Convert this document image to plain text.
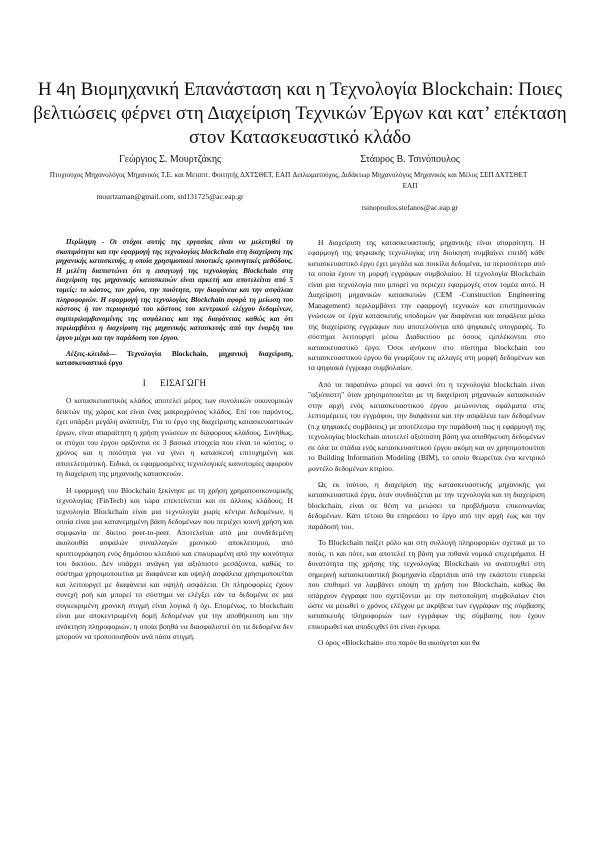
Η 4η Βιομηχανική Επανάσταση και η Τεχνολογία Blockchain: Ποιες βελτιώσεις φέρνει στη Διαχείριση Τεχνικών Έργων και κατ’ επέκταση στον Κατασκευαστικό κλάδο
Γεώργιος Σ. Μουρτζάκης
Πτυχιούχος Μηχανολόγος Μηχανικός Τ.Ε. και Μεταπτ. Φοιτητής ΔΧΤΣΘΕΤ, ΕΑΠ
mourtzaman@gmail.com, std131725@ac.eap.gr
Στάυρος Β. Τσινόπουλος
Διπλωματούχος, Διδάκτωρ Μηχανολόγος Μηχανικός και Μέλος ΣΕΠ ΔΧΤΣΘΕΤ ΕΑΠ
tsinopoulos.stefanos@ac.eap.gr

Περίληψη - Οι στόχοι αυτής της εργασίας είναι να μελετηθεί τη σκοπιμότητα και την εφαρμογή της τεχνολογίας blockchain στη διαχείριση της μηχανικής κατασκευής, η οποία χρησιμοποιεί ποιοτικές ερευνητικές μεθόδους. Η μελέτη διαπιστώνει ότι η εισαγωγή της τεχνολογίας Blockchain στη διαχείριση της μηχανικής κατασκευών είναι αρκετή και αποτελείται από 5 τομείς: το κόστος, τον χρόνο, την ποιότητα, την διαφάνεια και την ασφάλεια πληροφοριών. Η εφαρμογή της τεχνολογίας Blockchain αφορά τη μείωση του κόστους ή τον περιορισμό του κόστους του κεντρικού ελέγχου δεδομένων, συμπεριλαμβανομένης της ασφάλειας και της διαφάνειας καθώς και ότι περιλαμβάνει η διαχείριση της μηχανικής κατασκευής από την έναρξη του έργου μέχρι και την παράδοση του έργου.

Λέξεις-κλειδιά— Τεχνολογία Blockchain, μηχανική διαχείριση, κατασκευαστικό έργο

I ΕΙΣΑΓΩΓΗ

Ο κατασκευαστικός κλάδος αποτελεί μέρος των συνολικών οικονομικών δεικτών της χώρας και είναι ένας μακροχρόνιος κλάδος. Επί του παρόντος, έχει υπάρξει μεγάλη ανάπτυξη. Για το έργο της διαχείρισης κατασκευαστικών έργων, είναι απαραίτητη η χρήση γνώσεων σε διάφορους κλάδους. Συνήθως, οι στόχοι του έργου ορίζονται σε 3 βασικά στοιχεία που είναι το κόστος, ο χρόνος και η ποιότητα για να γίνει η κατασκευή επιτυχημένη και αποτελεσματική. Ειδικά, οι εφαρμοσμένες τεχνολογικές καινοτομίες αφορούν τη διαχείριση της μηχανικής κατασκευών.

Η εφαρμογή του Blockchain ξεκίνησε με τη χρήση χρηματοοικονομικής τεχνολογίας (FinTech) και τώρα επεκτείνεται και σε άλλους κλάδους. Η τεχνολογία Blockchain είναι μια τεχνολογία χωρίς κέντρα δεδομένων, η οποία είναι μια κατανεμημένη βάση δεδομένων που περιέχει κοινή χρήση και συμφωνία σε δίκτυο peer-to-peer. Αποτελείται από μια συνδεδεμένη ακολουθία ασφαλών συναλλαγών χρονικού αποκλεισμού, από κρυπτογράφηση ενός δημόσιου κλειδιού και επικυρωμένη από την κοινότητα του δικτύου. Δεν υπάρχει ανάγκη για αξιόπιστο μεσάζοντα, καθώς το σύστημα χρησιμοποιείται με διαφάνεια και υψηλή ασφάλεια χρησιμοποιείται και λειτουργεί με διαφάνεια και υψηλή ασφάλεια. Οι πληροφορίες έχουν συνεχή ροή και μπορεί το σύστημα να ελέγξει εάν τα δεδομένα σε μια συγκεκριμένη χρονική στιγμή είναι λογικά ή όχι. Επομένως, το blockchain είναι μια αποκεντρωμένη δομή δεδομένων για την αποθήκευση και την ανάκτηση πληροφοριών, η οποία βοηθά να διασφαλιστεί ότι τα δεδομένα δεν μπορούν να τροποποιηθούν ανά πάσα στιγμή.

Η διαχείριση της κατασκευαστικής μηχανικής είναι απαραίτητη. Η εφαρμογή της ψηφιακής τεχνολογίας στη διοίκηση συμβαίνει επειδή κάθε κατασκευαστικό έργο έχει μεγάλα και ποικίλα δεδομένα, τα περισσότερα από τα οποία έχουν τη μορφή εγγράφων συμβολαίου. Η τεχνολογία Blockchain είναι μια τεχνολογία που μπορεί να περιέχει εφαρμογές στον τομέα αυτό. Η Διαχείριση μηχανικών κατασκευών (CEM -Construction Engineering Management) περιλαμβάνει την εφαρμογή τεχνικών και επιστημονικών γνώσεων σε έργα κατασκευής υποδομών για διαφάνεια και ασφάλεια μέσω της διαχείρισης εγγράφων που αποτελούνται από ψηφιακές υπογραφές. Το σύστημα λειτουργεί μέσω Διαδικτύου με όσους εμπλέκονται στο κατασκευαστικό έργο. Όσοι ανήκουν στο σύστημα blockchain του κατασκευαστικού έργου θα γνωρίζουν τις αλλαγές στη μορφή δεδομένων και τα ψηφιακά έγγραφα συμβολαίων.

Από τα παραπάνω μπορεί να φανεί ότι η τεχνολογία blockchain είναι "αξιόπιστη" όταν χρησιμοποιείται με τη διαχείριση μηχανικών κατασκευών στην αρχή ενός κατασκευαστικού έργου μειώνοντας σφάλματα στις λεπτομέρειες του εγγράφου, την διαφάνεια και την ασφάλεια των δεδομένων (π.χ ψηφιακές συμβάσεις) με αποτέλεσμα την παράδοσή πως η εφαρμογή της τεχνολογίας blockchain αποτελεί αξιόπιστη βάση για αποθήκευση δεδομένων σε όλα τα στάδια ενός κατασκευαστικού έργου ακόμη και αν χρησιμοποιείται το Building Information Modeling (BIM), το οποίο θεωρείται ένα κεντρικό μοντέλο δεδομένων κτιρίου.

Ως εκ τούτου, η διαχείριση της κατασκευαστικής μηχανικής για κατασκευαστικά έργα, όταν συνδυάζεται με την τεχνολογία και τη διαχείριση blockchain, είναι σε θέση να μειώσει τα προβλήματα επικοινωνίας δεδομένων. Κάτι τέτοιο θα επηρεάσει το έργο από την αρχή έως και την παράδοσή του.

Το Blockchain παίζει ρόλο και στη συλλογή πληροφοριών σχετικά με το ποιός, τι και πότε, και αποτελεί τη βάση για πιθανά νομικά επιχειρήματα. Η δυνατότητα της χρήσης της τεχνολογίας Blockchain να αναπτυχθεί στη σημερινή κατασκευαστική βιομηχανία εξαρτάται από την εκάστοτε εταιρεία που επιθυμεί να λαμβάνει υπόψη τη χρήση του Blockchain, καθώς θα υπάρχουν έγγραφα που σχετίζονται με την πιστοποίηση συμβολαίων έτσι ώστε να μειωθεί ο χρόνος ελέγχου με ακρίβεια των εγγράφων της σύμβασης κατασκευής πληροφοριών των εγγράφων της σύμβασης που έχουν επικυρωθεί και αποδειχθεί ότι είναι έγκυρα.

Ο όρος «Blockchain» στο παρόν θα ακούγεται και θα
